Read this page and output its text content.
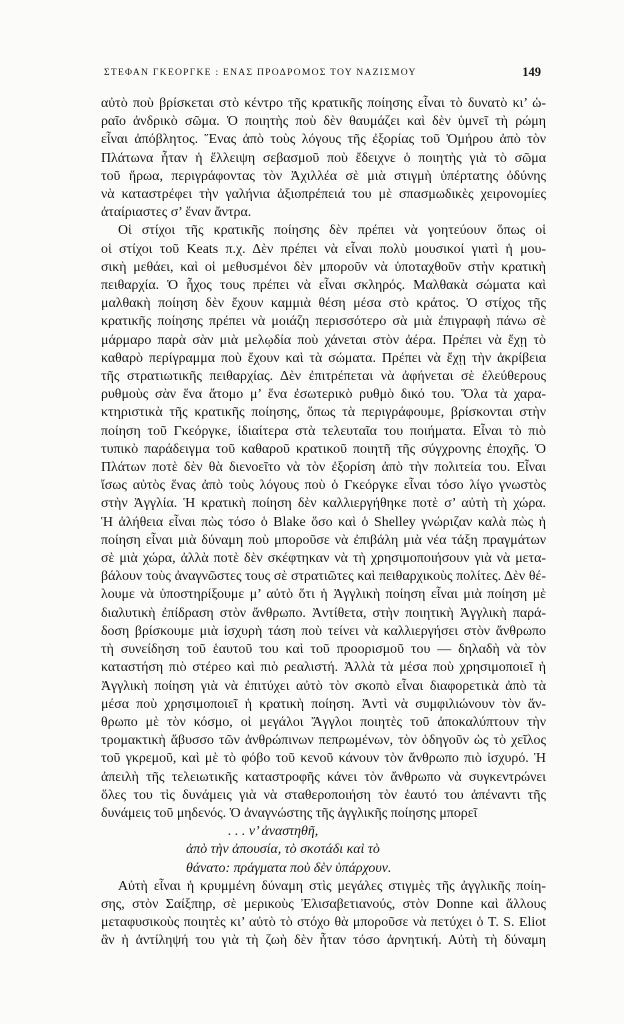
ΣΤΕΦΑΝ ΓΚΕΟΡΓΚΕ : ΕΝΑΣ ΠΡΟΔΡΟΜΟΣ ΤΟΥ ΝΑΖΙΣΜΟΥ	149
αὐτὸ ποὺ βρίσκεται στὸ κέντρο τῆς κρατικῆς ποίησης εἶναι τὸ δυνατὸ κι’ ὡ-
ραῖο ἀνδρικὸ σῶμα. Ὁ ποιητὴς ποὺ δὲν θαυμάζει καὶ δὲν ὑμνεῖ τὴ ρώμη
εἶναι ἀπόβλητος. Ἕνας ἀπὸ τοὺς λόγους τῆς ἐξορίας τοῦ Ὁμήρου ἀπὸ τὸν
Πλάτωνα ἦταν ἡ ἔλλειψη σεβασμοῦ ποὺ ἔδειχνε ὁ ποιητὴς γιὰ τὸ σῶμα
τοῦ ἥρωα, περιγράφοντας τὸν Ἀχιλλέα σὲ μιὰ στιγμὴ ὑπέρτατης ὀδύνης
νὰ καταστρέφει τὴν γαλήνια ἀξιοπρέπειά του μὲ σπασμωδικὲς χειρονομίες
ἀταίριαστες σ’ ἕναν ἄντρα.
Οἱ στίχοι τῆς κρατικῆς ποίησης δὲν πρέπει νὰ γοητεύουν ὅπως οἱ
οἱ στίχοι τοῦ Keats π.χ. Δὲν πρέπει νὰ εἶναι πολὺ μουσικοί γιατὶ ἡ μου-
σικὴ μεθάει, καὶ οἱ μεθυσμένοι δὲν μποροῦν νὰ ὑποταχθοῦν στὴν κρατικὴ
πειθαρχία. Ὁ ἦχος τους πρέπει νὰ εἶναι σκληρός. Μαλθακὰ σώματα καὶ
μαλθακὴ ποίηση δὲν ἔχουν καμμιὰ θέση μέσα στὸ κράτος. Ὁ στίχος τῆς
κρατικῆς ποίησης πρέπει νὰ μοιάζη περισσότερο σὰ μιὰ ἐπιγραφὴ πάνω σὲ
μάρμαρο παρὰ σὰν μιὰ μελῳδία ποὺ χάνεται στὸν ἀέρα. Πρέπει νὰ ἔχῃ τὸ
καθαρὸ περίγραμμα ποὺ ἔχουν καὶ τὰ σώματα. Πρέπει νὰ ἔχῃ τὴν ἀκρίβεια
τῆς στρατιωτικῆς πειθαρχίας. Δὲν ἐπιτρέπεται νὰ ἀφήνεται σὲ ἐλεύθερους
ρυθμοὺς σὰν ἕνα ἄτομο μ’ ἕνα ἐσωτερικὸ ρυθμὸ δικό του. Ὅλα τὰ χαρα-
κτηριστικὰ τῆς κρατικῆς ποίησης, ὅπως τὰ περιγράφουμε, βρίσκονται στὴν
ποίηση τοῦ Γκεόργκε, ἰδιαίτερα στὰ τελευταῖα του ποιήματα. Εἶναι τὸ πιὸ
τυπικὸ παράδειγμα τοῦ καθαροῦ κρατικοῦ ποιητῆ τῆς σύγχρονης ἐποχῆς. Ὁ
Πλάτων ποτὲ δὲν θὰ διενοεῖτο νὰ τὸν ἐξορίση ἀπὸ τὴν πολιτεία του. Εἶναι
ἴσως αὐτὸς ἕνας ἀπὸ τοὺς λόγους ποὺ ὁ Γκεόργκε εἶναι τόσο λίγο γνωστὸς
στὴν Ἀγγλία. Ἡ κρατικὴ ποίηση δὲν καλλιεργήθηκε ποτὲ σ’ αὐτὴ τὴ χώρα.
Ἡ ἀλήθεια εἶναι πὼς τόσο ὁ Blake ὅσο καὶ ὁ Shelley γνώριζαν καλὰ πὼς ἡ
ποίηση εἶναι μιὰ δύναμη ποὺ μποροῦσε νὰ ἐπιβάλη μιὰ νέα τάξη πραγμάτων
σὲ μιὰ χώρα, ἀλλὰ ποτὲ δὲν σκέφτηκαν νὰ τὴ χρησιμοποιήσουν γιὰ νὰ μετα-
βάλουν τοὺς ἀναγνῶστες τους σὲ στρατιῶτες καὶ πειθαρχικοὺς πολίτες. Δὲν θέ-
λουμε νὰ ὑποστηρίξουμε μ’ αὐτὸ ὅτι ἡ Ἀγγλικὴ ποίηση εἶναι μιὰ ποίηση μὲ
διαλυτικὴ ἐπίδραση στὸν ἄνθρωπο. Ἀντίθετα, στὴν ποιητικὴ Ἀγγλικὴ παρά-
δοση βρίσκουμε μιὰ ἰσχυρὴ τάση ποὺ τείνει νὰ καλλιεργήσει στὸν ἄνθρωπο
τὴ συνείδηση τοῦ ἑαυτοῦ του καὶ τοῦ προορισμοῦ του — δηλαδὴ νὰ τὸν
καταστήση πιὸ στέρεο καὶ πιὸ ρεαλιστή. Ἀλλὰ τὰ μέσα ποὺ χρησιμοποιεῖ ἡ
Ἀγγλικὴ ποίηση γιὰ νὰ ἐπιτύχει αὐτὸ τὸν σκοπὸ εἶναι διαφορετικὰ ἀπὸ τὰ
μέσα ποὺ χρησιμοποιεῖ ἡ κρατικὴ ποίηση. Ἀντὶ νὰ συμφιλιώνουν τὸν ἄν-
θρωπο μὲ τὸν κόσμο, οἱ μεγάλοι Ἄγγλοι ποιητὲς τοῦ ἀποκαλύπτουν τὴν
τρομακτικὴ ἄβυσσο τῶν ἀνθρώπινων πεπρωμένων, τὸν ὁδηγοῦν ὡς τὸ χεῖλος
τοῦ γκρεμοῦ, καὶ μὲ τὸ φόβο τοῦ κενοῦ κάνουν τὸν ἄνθρωπο πιὸ ἰσχυρό. Ἡ
ἀπειλὴ τῆς τελειωτικῆς καταστροφῆς κάνει τὸν ἄνθρωπο νὰ συγκεντρώνει
ὅλες του τὶς δυνάμεις γιὰ νὰ σταθεροποιήση τὸν ἑαυτό του ἀπέναντι τῆς
δυνάμεις τοῦ μηδενός. Ὁ ἀναγνώστης τῆς ἀγγλικῆς ποίησης μπορεῖ
. . . ν’ ἀναστηθῆ,
ἀπὸ τὴν ἀπουσία, τὸ σκοτάδι καὶ τὸ
θάνατο: πράγματα ποὺ δὲν ὑπάρχουν.
Αὐτὴ εἶναι ἡ κρυμμένη δύναμη στὶς μεγάλες στιγμὲς τῆς ἀγγλικῆς ποίη-
σης, στὸν Σαίξπηρ, σὲ μερικοὺς Ἐλισαβετιανούς, στὸν Donne καὶ ἄλλους
μεταφυσικοὺς ποιητὲς κι’ αὐτὸ τὸ στόχο θὰ μποροῦσε νὰ πετύχει ὁ T. S. Eliot
ἂν ἡ ἀντίληψή του γιὰ τὴ ζωὴ δὲν ἦταν τόσο ἀρνητική. Αὐτὴ τὴ δύναμη
